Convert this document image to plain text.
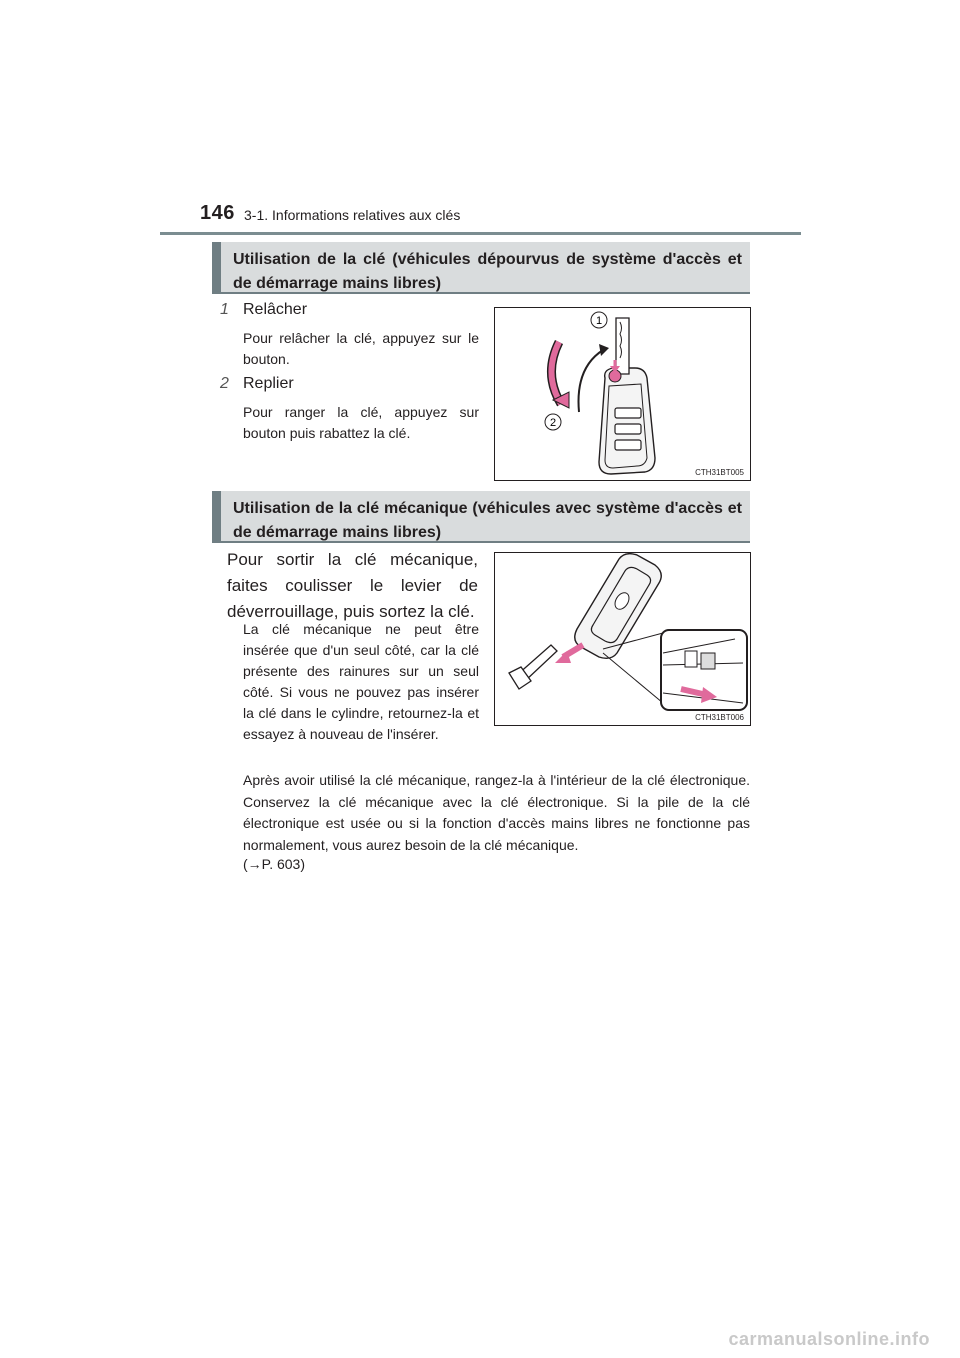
146 3-1. Informations relatives aux clés
Utilisation de la clé (véhicules dépourvus de système d'accès et de démarrage mains libres)
1 Relâcher
Pour relâcher la clé, appuyez sur le bouton.
2 Replier
Pour ranger la clé, appuyez sur bouton puis rabattez la clé.
1
2
CTH31BT005
Utilisation de la clé mécanique (véhicules avec système d'accès et de démarrage mains libres)
Pour sortir la clé mécanique, faites coulisser le levier de déverrouillage, puis sortez la clé.
La clé mécanique ne peut être insérée que d'un seul côté, car la clé présente des rainures sur un seul côté. Si vous ne pouvez pas insérer la clé dans le cylindre, retournez-la et essayez à nouveau de l'insérer.
CTH31BT006
Après avoir utilisé la clé mécanique, rangez-la à l'intérieur de la clé électronique. Conservez la clé mécanique avec la clé électronique. Si la pile de la clé électronique est usée ou si la fonction d'accès mains libres ne fonctionne pas normalement, vous aurez besoin de la clé mécanique.
(→P. 603)
carmanualsonline.info
